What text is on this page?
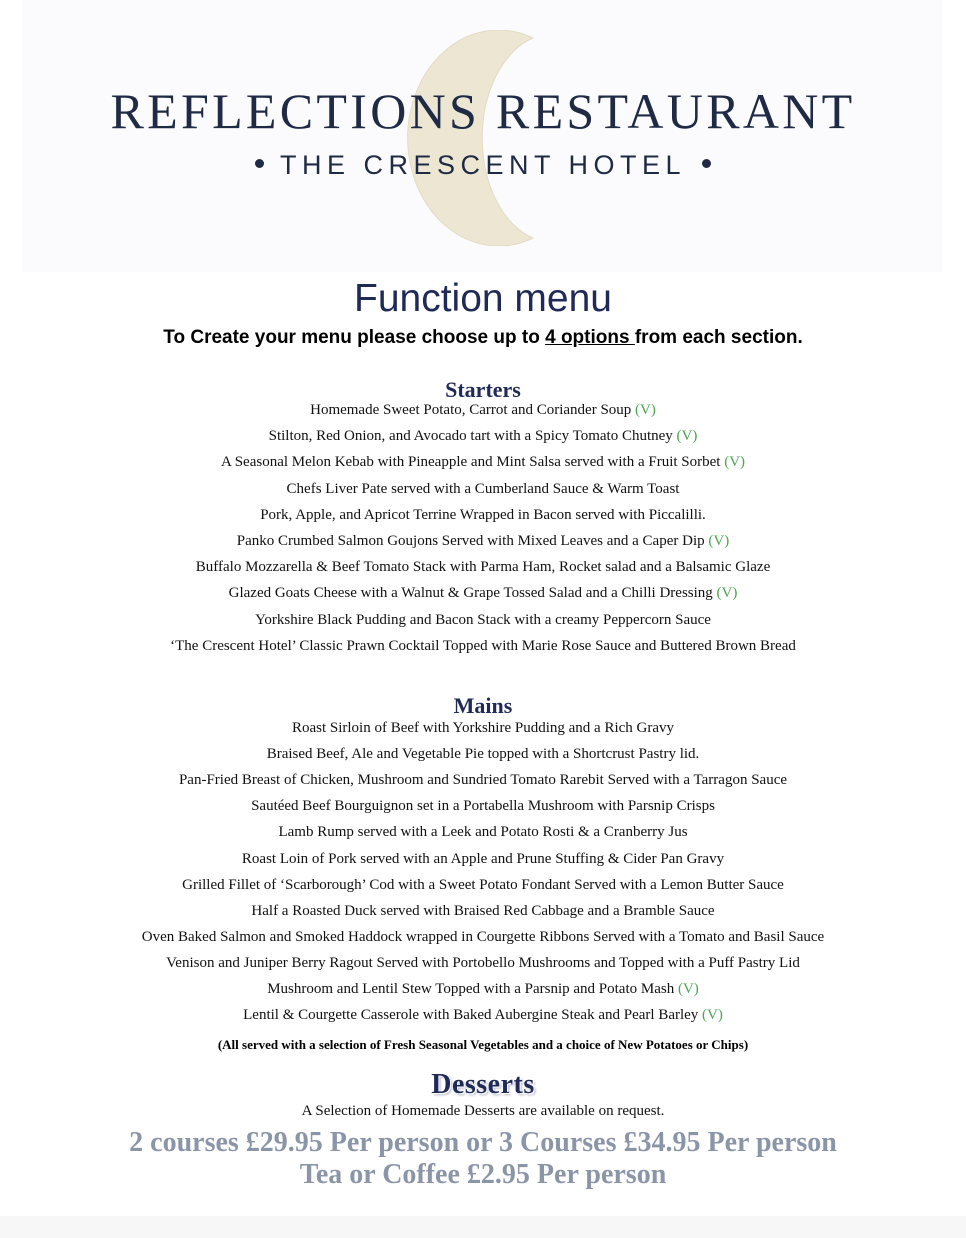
REFLECTIONS RESTAURANT
THE CRESCENT HOTEL
Function menu
To Create your menu please choose up to 4 options from each section.
Starters
Homemade Sweet Potato, Carrot and Coriander Soup (V)
Stilton, Red Onion, and Avocado tart with a Spicy Tomato Chutney (V)
A Seasonal Melon Kebab with Pineapple and Mint Salsa served with a Fruit Sorbet (V)
Chefs Liver Pate served with a Cumberland Sauce & Warm Toast
Pork, Apple, and Apricot Terrine Wrapped in Bacon served with Piccalilli.
Panko Crumbed Salmon Goujons Served with Mixed Leaves and a Caper Dip (V)
Buffalo Mozzarella & Beef Tomato Stack with Parma Ham, Rocket salad and a Balsamic Glaze
Glazed Goats Cheese with a Walnut & Grape Tossed Salad and a Chilli Dressing (V)
Yorkshire Black Pudding and Bacon Stack with a creamy Peppercorn Sauce
‘The Crescent Hotel’ Classic Prawn Cocktail Topped with Marie Rose Sauce and Buttered Brown Bread
Mains
Roast Sirloin of Beef with Yorkshire Pudding and a Rich Gravy
Braised Beef, Ale and Vegetable Pie topped with a Shortcrust Pastry lid.
Pan-Fried Breast of Chicken, Mushroom and Sundried Tomato Rarebit Served with a Tarragon Sauce
Sautéed Beef Bourguignon set in a Portabella Mushroom with Parsnip Crisps
Lamb Rump served with a Leek and Potato Rosti & a Cranberry Jus
Roast Loin of Pork served with an Apple and Prune Stuffing & Cider Pan Gravy
Grilled Fillet of ‘Scarborough’ Cod with a Sweet Potato Fondant Served with a Lemon Butter Sauce
Half a Roasted Duck served with Braised Red Cabbage and a Bramble Sauce
Oven Baked Salmon and Smoked Haddock wrapped in Courgette Ribbons Served with a Tomato and Basil Sauce
Venison and Juniper Berry Ragout Served with Portobello Mushrooms and Topped with a Puff Pastry Lid
Mushroom and Lentil Stew Topped with a Parsnip and Potato Mash (V)
Lentil & Courgette Casserole with Baked Aubergine Steak and Pearl Barley (V)
(All served with a selection of Fresh Seasonal Vegetables and a choice of New Potatoes or Chips)
Desserts
A Selection of Homemade Desserts are available on request.
2 courses £29.95 Per person or 3 Courses £34.95 Per person
Tea or Coffee £2.95 Per person
